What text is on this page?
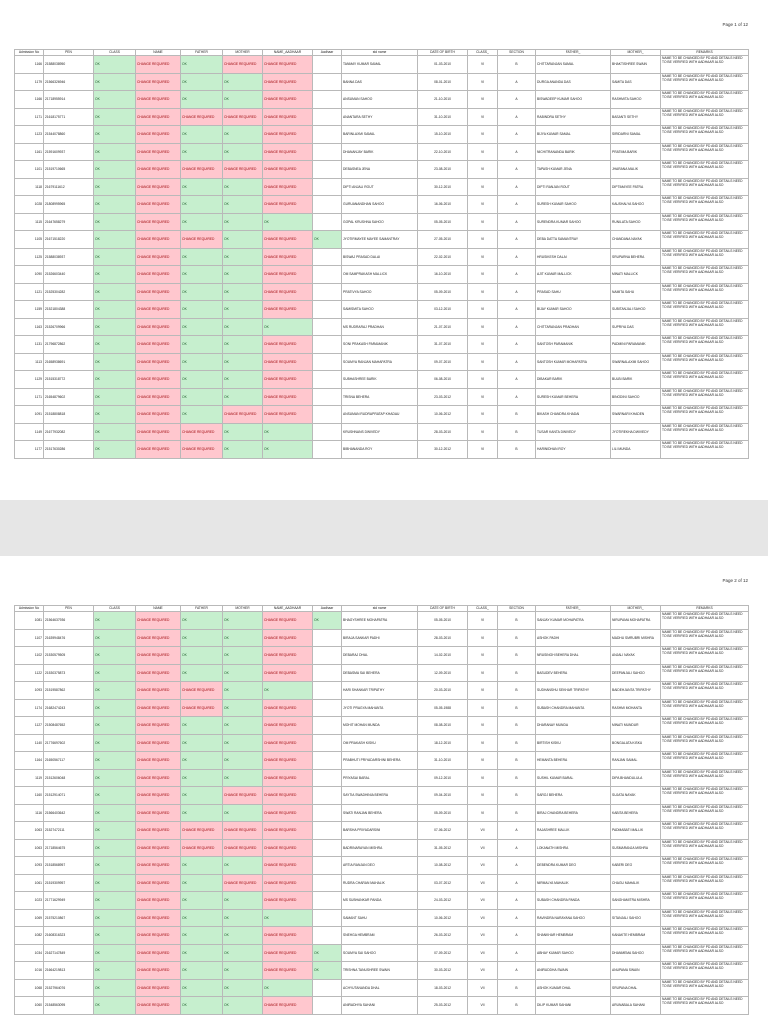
Page 1 of 12
Admission No	PEN	CLASS	NAME	FATHER	MOTHER	NAME_AADHAAR	Aadhaar	std name	DATE OF BIRTH	CLASS_	SECTION	FATHER_	MOTHER_	REMARKS
1166	21588038950	OK	CHANGE REQUIRED	OK	CHANGE REQUIRED	CHANGE REQUIRED		TANMAY KUMAR SAMAL	01-03-2010	VI	B	CHITTARANJAN SAMAL	BHAKTISHREE SWAIN	NAME TO BE CHANGED BY PD AND DETAILS NEED TO BE VERIFIED WITH AADHAAR ALSO
1179	21566326946	OK	CHANGE REQUIRED	OK	OK	CHANGE REQUIRED		BANNA DAS	08-01-2010	VI	A	DURGA ANANDA DAS	SAMITA DAS	NAME TO BE CHANGED BY PD AND DETAILS NEED TO BE VERIFIED WITH AADHAAR ALSO
1166	21718955914	OK	CHANGE REQUIRED	OK	OK	CHANGE REQUIRED		ANSUMAN SAHOO	21-10-2010	VI	A	BISWADEEP KUMAR SAHOO	RASHMITA SAHOO	NAME TO BE CHANGED BY PD AND DETAILS NEED TO BE VERIFIED WITH AADHAAR ALSO
1171	21618175771	OK	CHANGE REQUIRED	CHANGE REQUIRED	CHANGE REQUIRED	CHANGE REQUIRED		ANANTARA SETHY	31-10-2010	VI	A	RABINDRA SETHY	BASANTI SETHY	NAME TO BE CHANGED BY PD AND DETAILS NEED TO BE VERIFIED WITH AADHAAR ALSO
1123	21544078860	OK	CHANGE REQUIRED	OK	OK	CHANGE REQUIRED		BARINLAXMI SAMAL	15-10-2010	VI	A	BIJYA KUMAR SAMAL	SIRIDARNI SAMAL	NAME TO BE CHANGED BY PD AND DETAILS NEED TO BE VERIFIED WITH AADHAAR ALSO
1161	21591609937	OK	CHANGE REQUIRED	OK	OK	CHANGE REQUIRED		DHANANJAY BARIK	22-10-2010	VI	A	NICHITRANANDA BARIK	PRATIMA BARIK	NAME TO BE CHANGED BY PD AND DETAILS NEED TO BE VERIFIED WITH AADHAAR ALSO
1101	21519710665	OK	CHANGE REQUIRED	CHANGE REQUIRED	CHANGE REQUIRED	CHANGE REQUIRED		DEBASNEA JENA	23-08-2010	VI	A	TAPASH KUMAR JENA	JHARANA MALIK	NAME TO BE CHANGED BY PD AND DETAILS NEED TO BE VERIFIED WITH AADHAAR ALSO
1118	21679111612	OK	CHANGE REQUIRED	OK	OK	CHANGE REQUIRED		DIPTI ANJALI ROUT	30-12-2010	VI	A	DIPTI RANJAN ROUT	DIPTIMAYEE PATRA	NAME TO BE CHANGED BY PD AND DETAILS NEED TO BE VERIFIED WITH AADHAAR ALSO
1028	21808995965	OK	CHANGE REQUIRED	OK	OK	CHANGE REQUIRED		GURUANANDHAN SAHOO	16-06-2010	VI	A	SURESH KUMAR SAHOO	KAUSHALYA SAHOO	NAME TO BE CHANGED BY PD AND DETAILS NEED TO BE VERIFIED WITH AADHAAR ALSO
1115	21647658279	OK	CHANGE REQUIRED	OK	OK	OK		GOPAL KRUSHNA SAHOO	05-05-2010	VI	A	SURENDRA KUMAR SAHOO	RUNILATA SAHOO	NAME TO BE CHANGED BY PD AND DETAILS NEED TO BE VERIFIED WITH AADHAAR ALSO
1105	21671518220	OK	CHANGE REQUIRED	CHANGE REQUIRED	OK	CHANGE REQUIRED	OK	JYOTIRMAYEE MAYEE SAMANTRAY	27-05-2010	VI	A	DEBA DATTA SAMANTRAY	CHANDANA NAYAK	NAME TO BE CHANGED BY PD AND DETAILS NEED TO BE VERIFIED WITH AADHAAR ALSO
1125	21588038937	OK	CHANGE REQUIRED	OK	OK	CHANGE REQUIRED		BISWAJ PRASAD DALAI	22-02-2010	VI	A	HRUSIKESH DALAI	SRUPARNA BEHERA	NAME TO BE CHANGED BY PD AND DETAILS NEED TO BE VERIFIED WITH AADHAAR ALSO
1090	21526603440	OK	CHANGE REQUIRED	OK	OK	CHANGE REQUIRED		OM SAMPRAKASH MALLICK	16-10-2010	VI	A	AJIT KUMAR MALLICK	MINATI MALLICK	NAME TO BE CHANGED BY PD AND DETAILS NEED TO BE VERIFIED WITH AADHAAR ALSO
1121	21525304282	OK	CHANGE REQUIRED	OK	OK	CHANGE REQUIRED		PRATIVYA SAHOO	05-09-2010	VI	A	PRASAD SAHU	NAMITA SAHU	NAME TO BE CHANGED BY PD AND DETAILS NEED TO BE VERIFIED WITH AADHAAR ALSO
1159	21521804388	OK	CHANGE REQUIRED	OK	OK	CHANGE REQUIRED		SAMISMITA SAHOO	03-12-2010	VI	A	BIJAY KUMAR SAHOO	SUBITANJALI SAHOO	NAME TO BE CHANGED BY PD AND DETAILS NEED TO BE VERIFIED WITH AADHAAR ALSO
1163	21526709966	OK	CHANGE REQUIRED	OK	OK	OK		MS RUDRARAJ PRADHAN	21-07-2010	VI	A	CHITTARANJAN PRADHAN	SUPRIYA DAS	NAME TO BE CHANGED BY PD AND DETAILS NEED TO BE VERIFIED WITH AADHAAR ALSO
1131	21796872862	OK	CHANGE REQUIRED	OK	OK	CHANGE REQUIRED		SONI PRAKASH PARAMANIK	31-07-2010	VI	A	SANTOSH PARAMANIK	PADMINI PARAMANIK	NAME TO BE CHANGED BY PD AND DETAILS NEED TO BE VERIFIED WITH AADHAAR ALSO
1113	21658938691	OK	CHANGE REQUIRED	OK	OK	CHANGE REQUIRED		SOUMYA RANJAN MAHAPATRA	09-07-2010	VI	A	SANTOSH KUMAR MOHAPATRA	SWARNALAXMI SAHOO	NAME TO BE CHANGED BY PD AND DETAILS NEED TO BE VERIFIED WITH AADHAAR ALSO
1129	21515318772	OK	CHANGE REQUIRED	OK	OK	CHANGE REQUIRED		SUBHASHREE BARIK	06-08-2010	VI	A	DIBAKAR BARIK	BULBI BARIK	NAME TO BE CHANGED BY PD AND DETAILS NEED TO BE VERIFIED WITH AADHAAR ALSO
1171	21654879602	OK	CHANGE REQUIRED	OK	OK	CHANGE REQUIRED		TRISNA BEHERA	23-03-2012	VI	A	SURESH KUMAR BEHERA	BINODINI SAHOO	NAME TO BE CHANGED BY PD AND DETAILS NEED TO BE VERIFIED WITH AADHAAR ALSO
1091	21518808818	OK	CHANGE REQUIRED	OK	CHANGE REQUIRED	CHANGE REQUIRED		ANSUMAN RUDRAPRATAP KHADAU	10-06-2012	VI	B	BIKASH CHANDRA KHADAI	SWARNARI KHADEN	NAME TO BE CHANGED BY PD AND DETAILS NEED TO BE VERIFIED WITH AADHAAR ALSO
1149	21677932082	OK	CHANGE REQUIRED	CHANGE REQUIRED	OK	OK		KRUSHNANS DWIVEDY	28-03-2010	VI	B	TUSAR KANTA DWIVEDY	JYOTIREKHA DWIVEDY	NAME TO BE CHANGED BY PD AND DETAILS NEED TO BE VERIFIED WITH AADHAAR ALSO
1177	21517630286	OK	CHANGE REQUIRED	CHANGE REQUIRED	OK	OK		BIBHANANDA ROY	30-12-2012	VI	B	HARINIDHAN ROY	LILI MUNDA	NAME TO BE CHANGED BY PD AND DETAILS NEED TO BE VERIFIED WITH AADHAAR ALSO
Page 2 of 12
Admission No	PEN	CLASS	NAME	FATHER	MOTHER	NAME_AADHAAR	Aadhaar	std name	DATE OF BIRTH	CLASS_	SECTION	FATHER_	MOTHER_	REMARKS
1081	21564637936	OK	CHANGE REQUIRED	OK	OK	CHANGE REQUIRED	OK	BHAGYSHREE MOHAPATRA	05-05-2010	VI	B	SANJAY KUMAR MOHAPATRA	NIRUPAMA MOHAPATRA	NAME TO BE CHANGED BY PD AND DETAILS NEED TO BE VERIFIED WITH AADHAAR ALSO
1107	21639948476	OK	CHANGE REQUIRED	OK	OK	CHANGE REQUIRED		BIRAJA SANKAR PADHI	28-03-2010	VI	B	ASHOK PADHI	MADHU SMRUBRI MISHRA	NAME TO BE CHANGED BY PD AND DETAILS NEED TO BE VERIFIED WITH AADHAAR ALSO
1102	21530579505	OK	CHANGE REQUIRED	OK	OK	CHANGE REQUIRED		DEBARAJ DHAL	14-02-2010	VI	B	NRUSINGH BEHERA DHAL	ANJALI NAYAK	NAME TO BE CHANGED BY PD AND DETAILS NEED TO BE VERIFIED WITH AADHAAR ALSO
1122	21530375873	OK	CHANGE REQUIRED	OK	OK	CHANGE REQUIRED		DEBASMA SAI BEHERA	12-09-2010	VI	B	BASUDEV BEHERA	DEEPANJALI SAHOO	NAME TO BE CHANGED BY PD AND DETAILS NEED TO BE VERIFIED WITH AADHAAR ALSO
1093	21519587862	OK	CHANGE REQUIRED	CHANGE REQUIRED	OK	OK		HARI SHANKAR TRIPATHY	20-03-2010	VI	B	SUDHANSHU SEKHAR TRIPATHY	BAIDEHJANTA TRIPATHY	NAME TO BE CHANGED BY PD AND DETAILS NEED TO BE VERIFIED WITH AADHAAR ALSO
1174	21682474243	OK	CHANGE REQUIRED	CHANGE REQUIRED	OK	CHANGE REQUIRED		JYOTI PRAGYA MAHANTA	05-05-1988	VI	B	SUBASH CHANDRA MAHANTA	RASHMI MOHANTA	NAME TO BE CHANGED BY PD AND DETAILS NEED TO BE VERIFIED WITH AADHAAR ALSO
1127	21508487652	OK	CHANGE REQUIRED	OK	OK	CHANGE REQUIRED		MOHIT MOHAN MUNDA	08-08-2010	VI	B	DHARANAY MUNDA	MINATI MUNDUR	NAME TO BE CHANGED BY PD AND DETAILS NEED TO BE VERIFIED WITH AADHAAR ALSO
1140	21776697602	OK	CHANGE REQUIRED	OK	OK	CHANGE REQUIRED		OM PRAKASH KISKU	18-12-2010	VI	B	BIRTISH KISKU	BONGALATA KISKU	NAME TO BE CHANGED BY PD AND DETAILS NEED TO BE VERIFIED WITH AADHAAR ALSO
1164	21650567117	OK	CHANGE REQUIRED	OK	OK	CHANGE REQUIRED		PRABHUTI PRIYADARSHINI BEHERA	31-10-2010	VI	B	HEMANTA BEHERA	RANJAN SAMAL	NAME TO BE CHANGED BY PD AND DETAILS NEED TO BE VERIFIED WITH AADHAAR ALSO
1119	21512606048	OK	CHANGE REQUIRED	OK	OK	CHANGE REQUIRED		PRIYASAI BARAL	09-12-2010	VI	B	SUSHIL KUMAR BARAL	DIPA BHANDULULA	NAME TO BE CHANGED BY PD AND DETAILS NEED TO BE VERIFIED WITH AADHAAR ALSO
1160	21512914071	OK	CHANGE REQUIRED	OK	CHANGE REQUIRED	CHANGE REQUIRED		SAYTIA SWADHINIA BEHERA	09-04-2010	VI	B	SAROJ BEHERA	SUJATA NAYAK	NAME TO BE CHANGED BY PD AND DETAILS NEED TO BE VERIFIED WITH AADHAAR ALSO
1116	21566403642	OK	CHANGE REQUIRED	OK	OK	CHANGE REQUIRED		SWATI RANJAN BEHERA	05-09-2010	VI	B	BIRAJ CHANDRA BEHERA	KABITA BEHERA	NAME TO BE CHANGED BY PD AND DETAILS NEED TO BE VERIFIED WITH AADHAAR ALSO
1063	21527472111	OK	CHANGE REQUIRED	CHANGE REQUIRED	CHANGE REQUIRED	CHANGE REQUIRED		BARSHA PRIYADARSINI	07-06-2012	VII	A	RAJASHREE MALLIK	PADMABATI MALLIK	NAME TO BE CHANGED BY PD AND DETAILS NEED TO BE VERIFIED WITH AADHAAR ALSO
1063	21718564675	OK	CHANGE REQUIRED	CHANGE REQUIRED	CHANGE REQUIRED	CHANGE REQUIRED		BADRINARAYAN MISHRA	31-05-2012	VII	A	LOKANATH MISHRA	SUSMARANJA MISHRA	NAME TO BE CHANGED BY PD AND DETAILS NEED TO BE VERIFIED WITH AADHAAR ALSO
1093	21518568957	OK	CHANGE REQUIRED	OK	OK	CHANGE REQUIRED		ARTIA RANJAN DEO	10-08-2012	VII	A	DEBENDRA KUMAR DEO	KABERI DEO	NAME TO BE CHANGED BY PD AND DETAILS NEED TO BE VERIFIED WITH AADHAAR ALSO
1061	21519309957	OK	CHANGE REQUIRED	OK	CHANGE REQUIRED	CHANGE REQUIRED		RUDRA CHARAN MAHALIK	03-07-2012	VII	A	NIRMALYA MAHALIK	CHAGU MAHALIK	NAME TO BE CHANGED BY PD AND DETAILS NEED TO BE VERIFIED WITH AADHAAR ALSO
1023	21771629949	OK	CHANGE REQUIRED	OK	OK	CHANGE REQUIRED		MS SUBHANKAR PANDA	24-03-2012	VII	A	SUBASH CHANDRA PANDA	SANGHAMITRA MISHRA	NAME TO BE CHANGED BY PD AND DETAILS NEED TO BE VERIFIED WITH AADHAAR ALSO
1069	21575210867	OK	CHANGE REQUIRED	OK	OK	OK		SAMANT SAHU	10-06-2012	VII	A	RAVINDRA NARAYANA SAHOO	SITANJALI SAHOO	NAME TO BE CHANGED BY PD AND DETAILS NEED TO BE VERIFIED WITH AADHAAR ALSO
1082	21608316323	OK	CHANGE REQUIRED	OK	OK	CHANGE REQUIRED		SNEHGA HEMBRAM	26-03-2012	VII	A	SHANKHAR HEMBRAM	KANAKTE HEMBRAM	NAME TO BE CHANGED BY PD AND DETAILS NEED TO BE VERIFIED WITH AADHAAR ALSO
1034	21627147849	OK	CHANGE REQUIRED	OK	OK	CHANGE REQUIRED	OK	SOUMYA SAI SAHOO	07-09-2012	VII	A	ABHAY KUMAR SAHOO	DHANMEMA SAHOO	NAME TO BE CHANGED BY PD AND DETAILS NEED TO BE VERIFIED WITH AADHAAR ALSO
1016	21664219813	OK	CHANGE REQUIRED	OK	OK	CHANGE REQUIRED	OK	TRISHNA TANUSHREE SWAIN	30-03-2012	VII	A	ANIRUDDHA SWAIN	ANUPAMA SWAIN	NAME TO BE CHANGED BY PD AND DETAILS NEED TO BE VERIFIED WITH AADHAAR ALSO
1068	21527964076	OK	CHANGE REQUIRED	OK	OK	OK		ACHYUTANANDA DHAL	18-03-2012	VII	B	ASHOK KUMAR DHAL	SRUPANA DHAL	NAME TO BE CHANGED BY PD AND DETAILS NEED TO BE VERIFIED WITH AADHAAR ALSO
1060	21548563095	OK	CHANGE REQUIRED	OK	OK	CHANGE REQUIRED		ANIRADHYA SAHANI	25-03-2012	VII	B	DILIP KUMAR SAHANI	ARUNABALA SAHANI	NAME TO BE CHANGED BY PD AND DETAILS NEED TO BE VERIFIED WITH AADHAAR ALSO
